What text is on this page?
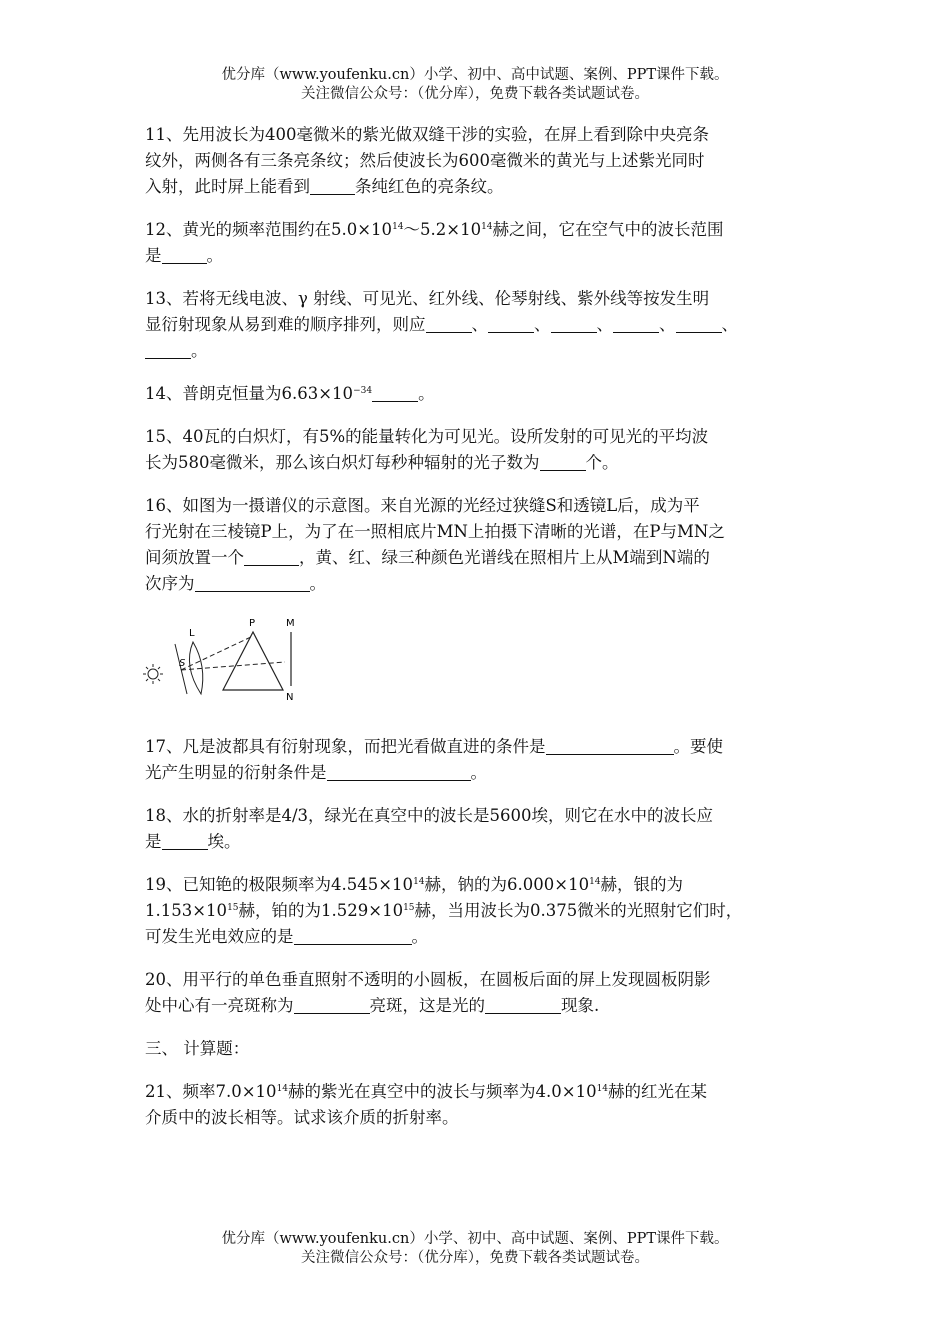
优分库（www.youfenku.cn）小学、初中、高中试题、案例、PPT课件下载。
关注微信公众号：（优分库），免费下载各类试题试卷。
11、先用波长为400毫微米的紫光做双缝干涉的实验，在屏上看到除中央亮条
纹外，两侧各有三条亮条纹；然后使波长为600毫微米的黄光与上述紫光同时
入射，此时屏上能看到	条纯红色的亮条纹。
12、黄光的频率范围约在$5.0\times 10^{14}\sim 5.2\times 10^{14}$赫之间，它在空气中的波长范围
是	。
13、若将无线电波、γ 射线、可见光、红外线、伦琴射线、紫外线等按发生明
显衍射现象从易到难的顺序排列，则应	、	、	、	、	、
。
14、普朗克恒量为$6.63\times 10^{-34}$	。
15、40瓦的白炽灯，有5%的能量转化为可见光。设所发射的可见光的平均波
长为580毫微米，那么该白炽灯每秒种辐射的光子数为	个。
16、如图为一摄谱仪的示意图。来自光源的光经过狭缝S和透镜L后，成为平
行光射在三棱镜P上，为了在一照相底片MN上拍摄下清晰的光谱，在P与MN之
间须放置一个	，黄、红、绿三种颜色光谱线在照相片上从M端到N端的
次序为	。
L
S
P	M
N
17、凡是波都具有衍射现象，而把光看做直进的条件是	。要使
光产生明显的衍射条件是	。
18、水的折射率是4/3，绿光在真空中的波长是5600埃，则它在水中的波长应
是	埃。
19、已知铯的极限频率为$4.545\times 10^{14}$赫，钠的为$6.000\times 10^{14}$赫，银的为
$1.153\times 10^{15}$赫，铂的为$1.529\times 10^{15}$赫，当用波长为0.375微米的光照射它们时，
可发生光电效应的是	。
20、用平行的单色垂直照射不透明的小圆板，在圆板后面的屏上发现圆板阴影
处中心有一亮斑称为	亮斑，这是光的	现象.
三、 计算题：
21、频率$7.0\times 10^{14}$赫的紫光在真空中的波长与频率为$4.0\times 10^{14}$赫的红光在某
介质中的波长相等。试求该介质的折射率。
优分库（www.youfenku.cn）小学、初中、高中试题、案例、PPT课件下载。
关注微信公众号：（优分库），免费下载各类试题试卷。
